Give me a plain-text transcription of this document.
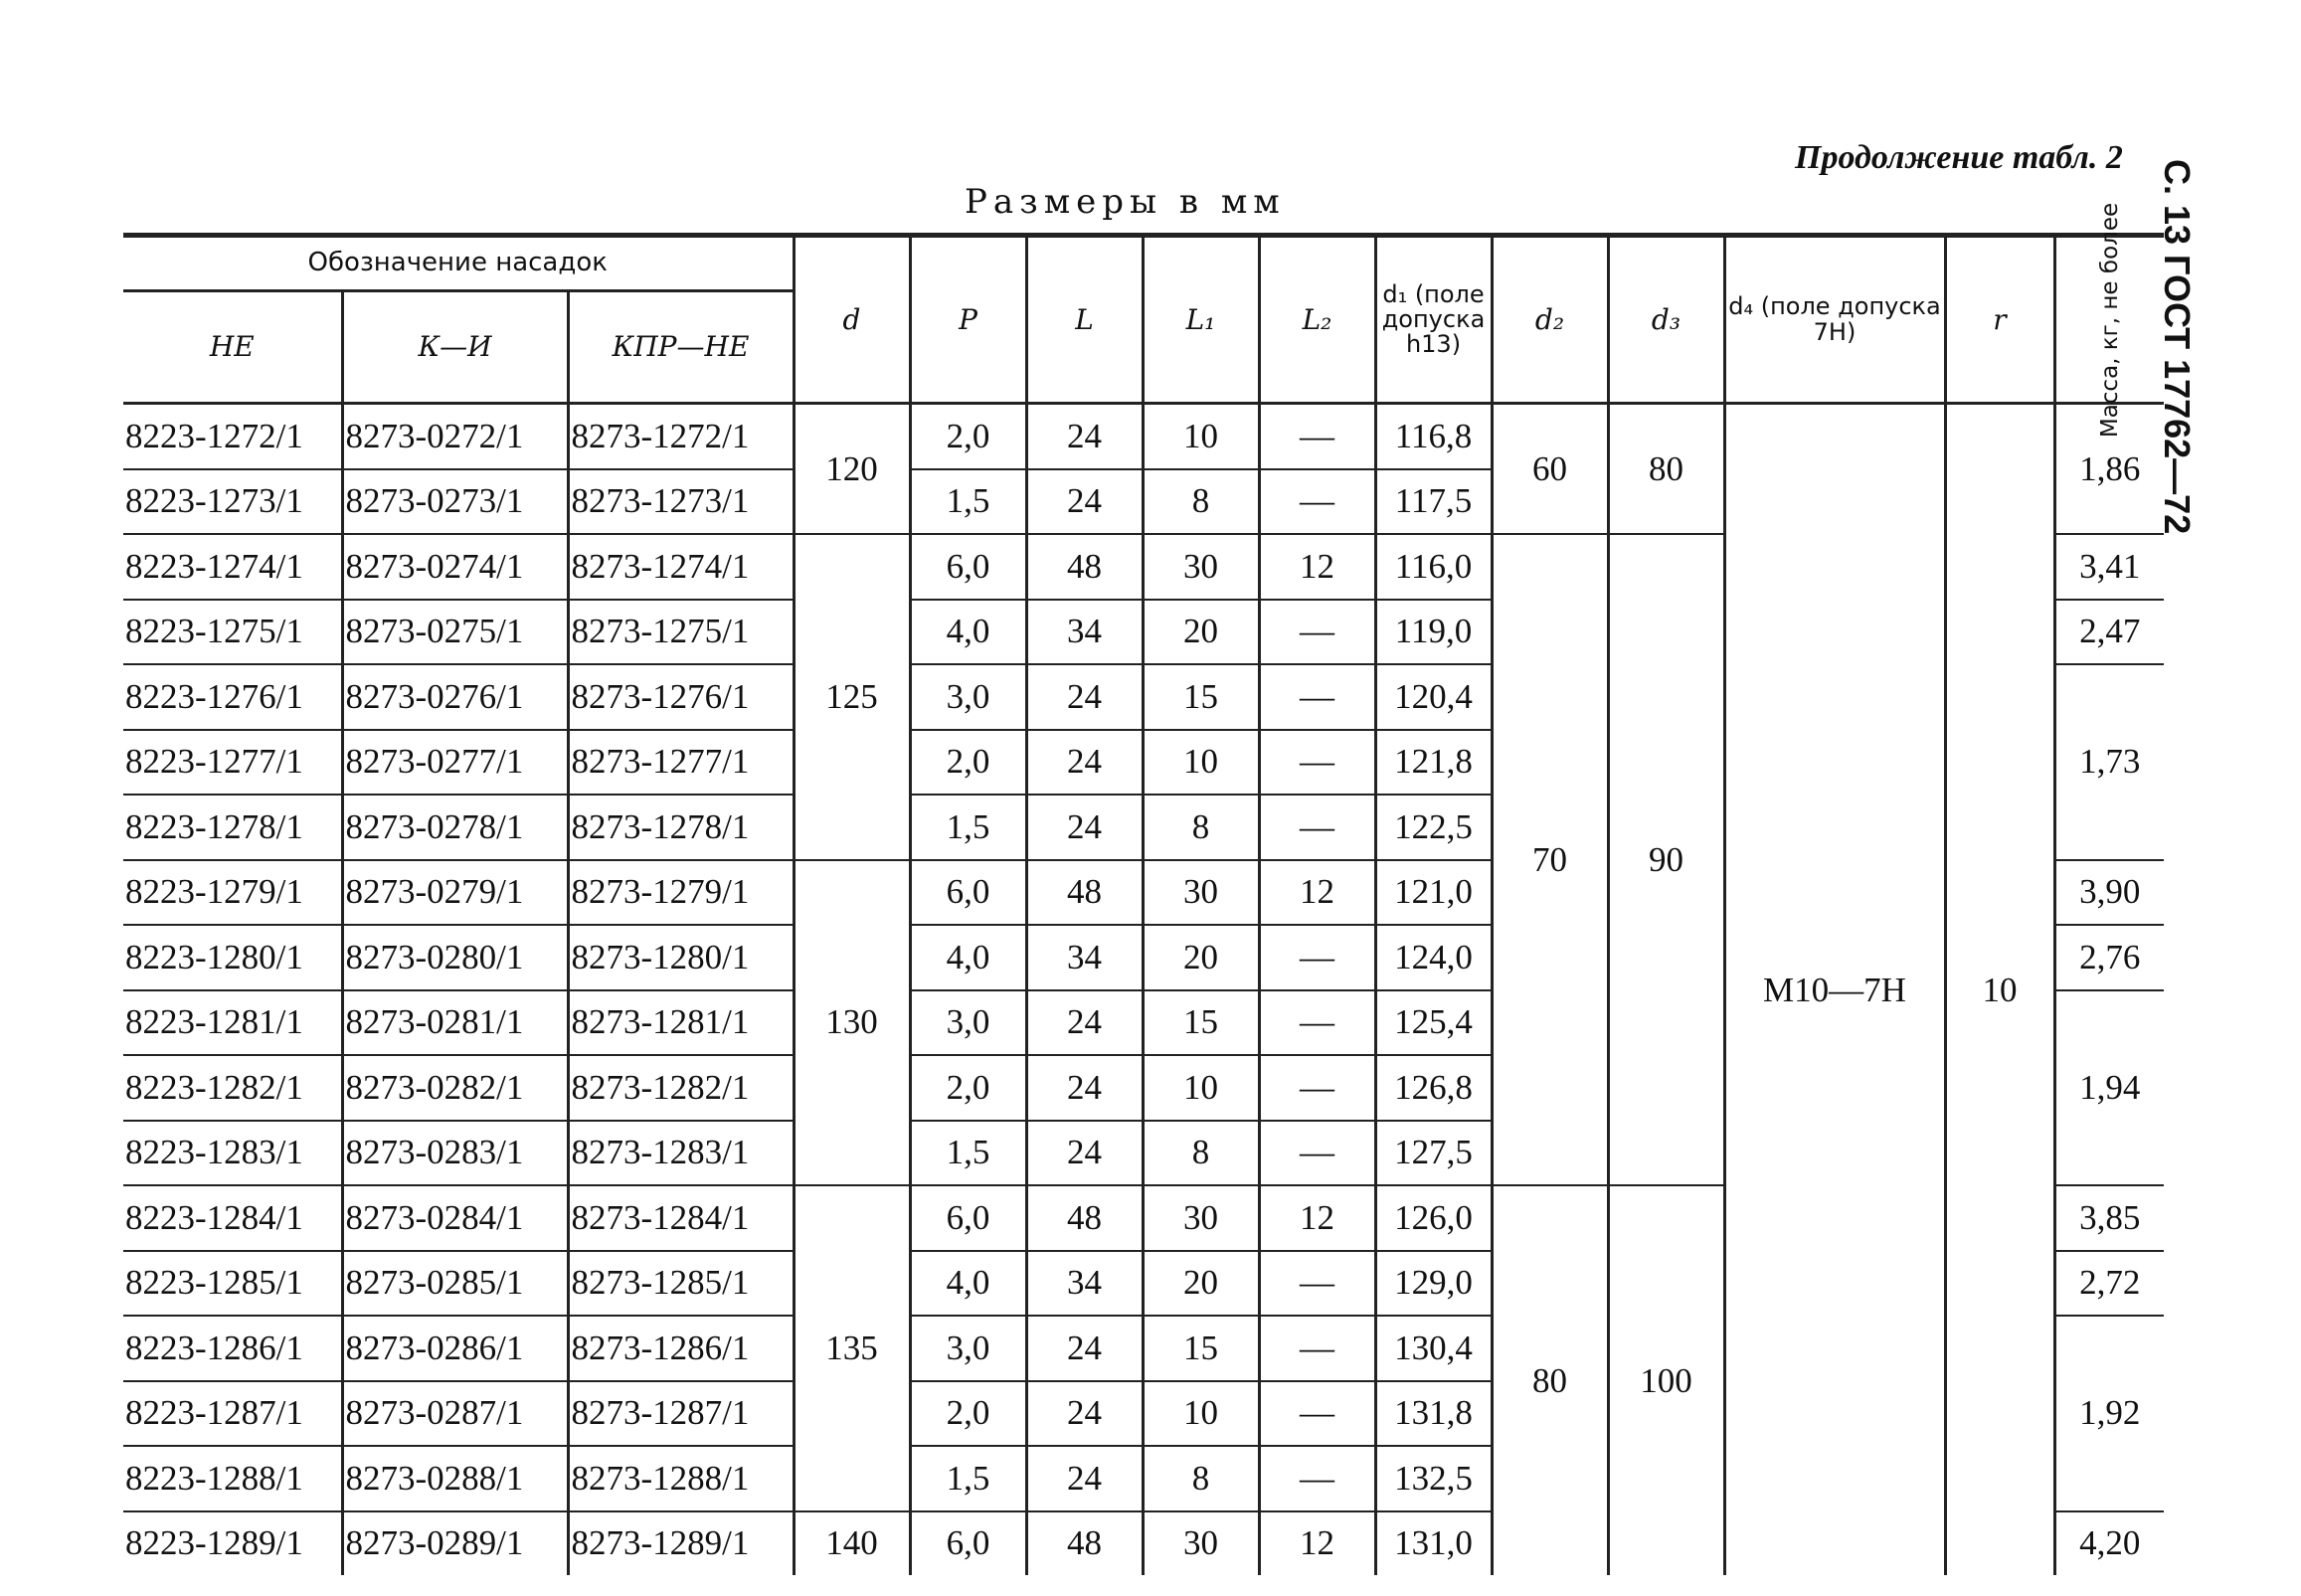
Продолжение табл. 2
Размеры в мм	С. 13 ГОСТ 17762—72
Обозначение насадок			d	P	L	L₁	L₂	d₁ (поле допуска h13)	d₂	d₃	d₄ (поле допуска 7H)	r	Масса, кг, не более

НЕ	К—И	КПР—НЕ											
8223-1272/1	8273-0272/1	8273-1272/1	120	2,0	24	10	—	116,8	60	80	M10—7H	10	1,86
8223-1273/1	8273-0273/1	8273-1273/1		1,5	24	8	—	117,5					
8223-1274/1	8273-0274/1	8273-1274/1	125	6,0	48	30	12	116,0	70	90			3,41
8223-1275/1	8273-0275/1	8273-1275/1		4,0	34	20	—	119,0					2,47
8223-1276/1	8273-0276/1	8273-1276/1		3,0	24	15	—	120,4					1,73
8223-1277/1	8273-0277/1	8273-1277/1		2,0	24	10	—	121,8					
8223-1278/1	8273-0278/1	8273-1278/1		1,5	24	8	—	122,5					
8223-1279/1	8273-0279/1	8273-1279/1	130	6,0	48	30	12	121,0					3,90
8223-1280/1	8273-0280/1	8273-1280/1		4,0	34	20	—	124,0					2,76
8223-1281/1	8273-0281/1	8273-1281/1		3,0	24	15	—	125,4					1,94
8223-1282/1	8273-0282/1	8273-1282/1		2,0	24	10	—	126,8					
8223-1283/1	8273-0283/1	8273-1283/1		1,5	24	8	—	127,5					
8223-1284/1	8273-0284/1	8273-1284/1	135	6,0	48	30	12	126,0	80	100			3,85
8223-1285/1	8273-0285/1	8273-1285/1		4,0	34	20	—	129,0					2,72
8223-1286/1	8273-0286/1	8273-1286/1		3,0	24	15	—	130,4					1,92
8223-1287/1	8273-0287/1	8273-1287/1		2,0	24	10	—	131,8					
8223-1288/1	8273-0288/1	8273-1288/1		1,5	24	8	—	132,5					
8223-1289/1	8273-0289/1	8273-1289/1	140	6,0	48	30	12	131,0					4,20
